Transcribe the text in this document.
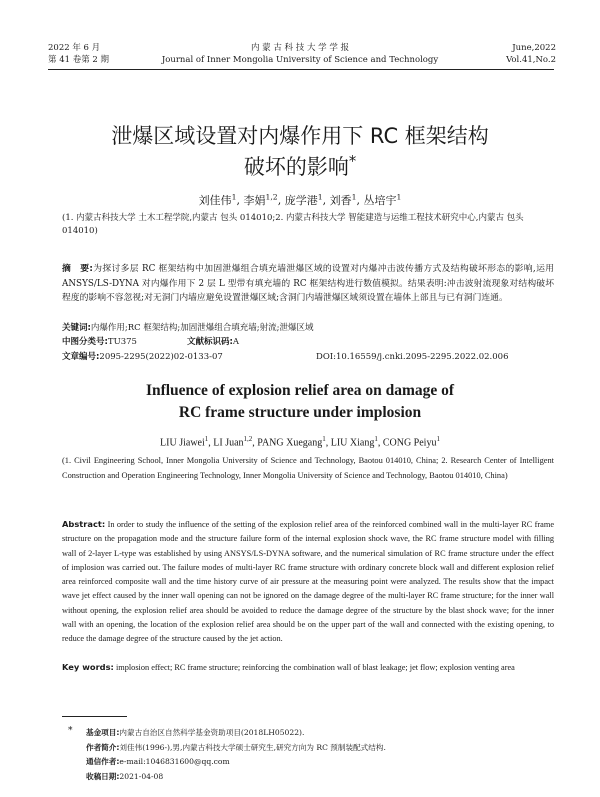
2022 年 6 月
第 41 卷第 2 期
内 蒙 古 科 技 大 学 学 报
Journal of Inner Mongolia University of Science and Technology
June,2022
Vol.41,No.2
泄爆区域设置对内爆作用下 RC 框架结构
破坏的影响*
刘佳伟$^1$, 李娟$^{1,2}$, 庞学港$^1$, 刘香$^1$, 丛培宇$^1$
(1. 内蒙古科技大学 土木工程学院,内蒙古 包头 014010;2. 内蒙古科技大学 智能建造与运维工程技术研究中心,内蒙古 包头 014010)
摘　要:为探讨多层 RC 框架结构中加固泄爆组合填充墙泄爆区域的设置对内爆冲击波传播方式及结构破坏形态的影响,运用 ANSYS/LS-DYNA 对内爆作用下 2 层 L 型带有填充墙的 RC 框架结构进行数值模拟。结果表明:冲击波射流现象对结构破坏程度的影响不容忽视;对无洞门内墙应避免设置泄爆区域;含洞门内墙泄爆区域须设置在墙体上部且与已有洞门连通。
关键词:内爆作用;RC 框架结构;加固泄爆组合填充墙;射流;泄爆区域
中图分类号:TU375	文献标识码:A
文章编号:2095-2295(2022)02-0133-07	DOI:10.16559/j.cnki.2095-2295.2022.02.006
Influence of explosion relief area on damage of
RC frame structure under implosion
LIU Jiawei$^1$, LI Juan$^{1,2}$, PANG Xuegang$^1$, LIU Xiang$^1$, CONG Peiyu$^1$
(1. Civil Engineering School, Inner Mongolia University of Science and Technology, Baotou 014010, China; 2. Research Center of Intelligent Construction and Operation Engineering Technology, Inner Mongolia University of Science and Technology, Baotou 014010, China)
Abstract: In order to study the influence of the setting of the explosion relief area of the reinforced combined wall in the multi-layer RC frame structure on the propagation mode and the structure failure form of the internal explosion shock wave, the RC frame structure model with filling wall of 2-layer L-type was established by using ANSYS/LS-DYNA software, and the numerical simulation of RC frame structure under the effect of implosion was carried out. The failure modes of multi-layer RC frame structure with ordinary concrete block wall and different explosion relief area reinforced composite wall and the time history curve of air pressure at the measuring point were analyzed. The results show that the impact wave jet effect caused by the inner wall opening can not be ignored on the damage degree of the multi-layer RC frame structure; for the inner wall without opening, the explosion relief area should be avoided to reduce the damage degree of the structure by the blast shock wave; for the inner wall with an opening, the location of the explosion relief area should be on the upper part of the wall and connected with the existing opening, to reduce the damage degree of the structure caused by the jet action.
Key words: implosion effect; RC frame structure; reinforcing the combination wall of blast leakage; jet flow; explosion venting area
* 基金项目:内蒙古自治区自然科学基金资助项目(2018LH05022).
作者简介:刘佳伟(1996-),男,内蒙古科技大学硕士研究生,研究方向为 RC 预制装配式结构.
通信作者:e-mail:1046831600@qq.com
收稿日期:2021-04-08
